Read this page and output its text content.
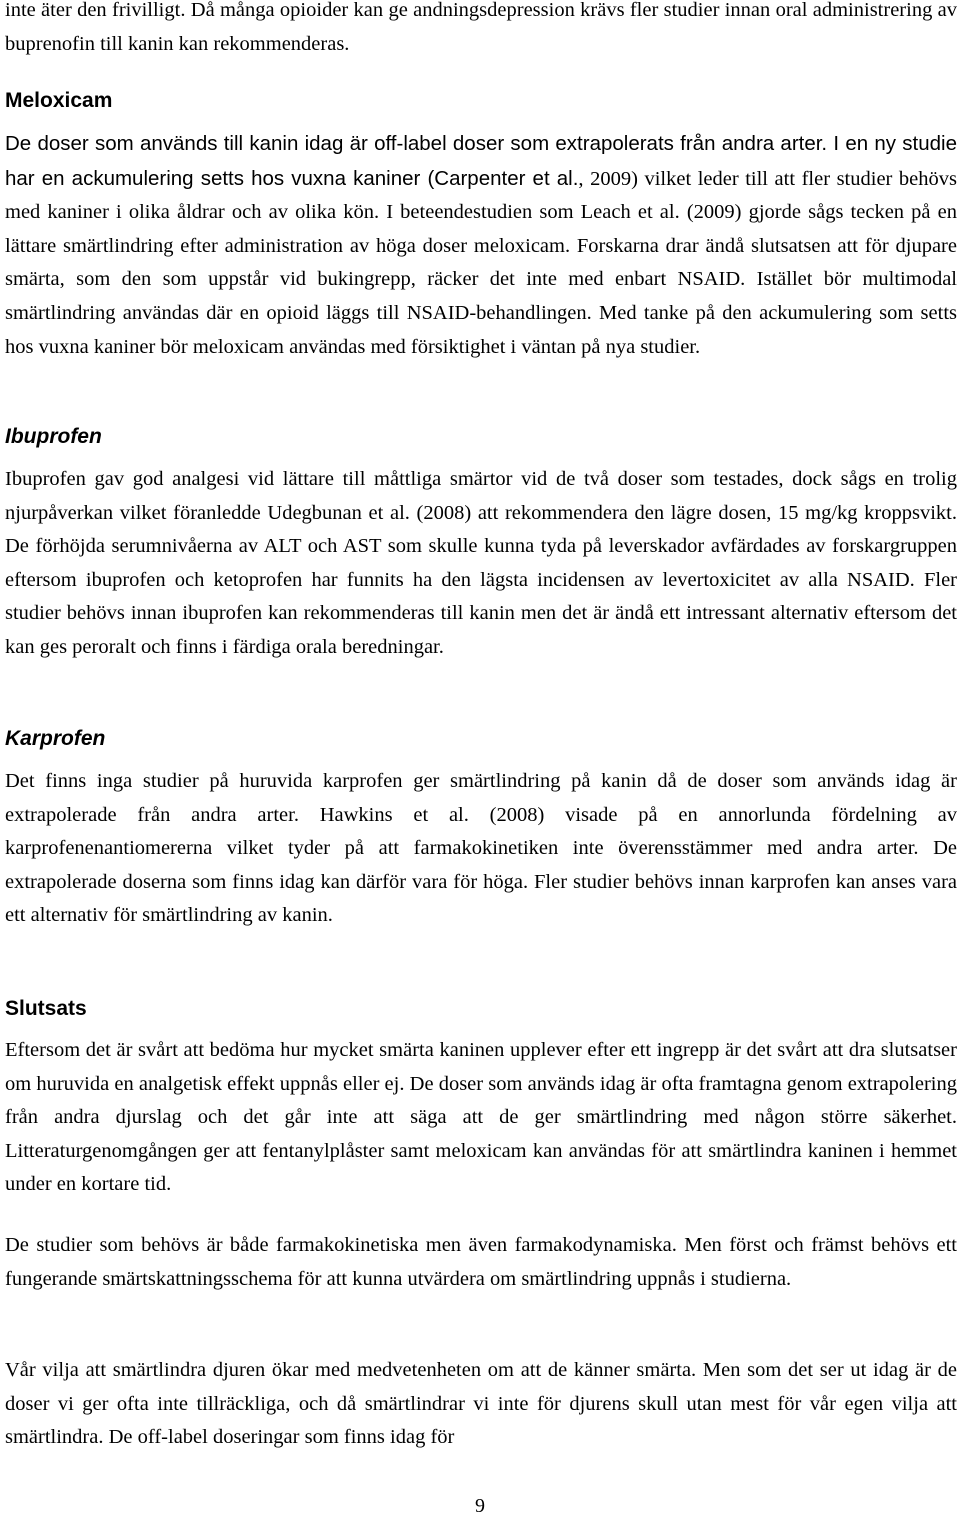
inte äter den frivilligt. Då många opioider kan ge andningsdepression krävs fler studier innan oral administrering av buprenofin till kanin kan rekommenderas.

Meloxicam

De doser som används till kanin idag är off-label doser som extrapolerats från andra arter. I en ny studie har en ackumulering setts hos vuxna kaniner (Carpenter et al., 2009) vilket leder till att fler studier behövs med kaniner i olika åldrar och av olika kön. I beteendestudien som Leach et al. (2009) gjorde sågs tecken på en lättare smärtlindring efter administration av höga doser meloxicam. Forskarna drar ändå slutsatsen att för djupare smärta, som den som uppstår vid bukingrepp, räcker det inte med enbart NSAID. Istället bör multimodal smärtlindring användas där en opioid läggs till NSAID-behandlingen. Med tanke på den ackumulering som setts hos vuxna kaniner bör meloxicam användas med försiktighet i väntan på nya studier.

Ibuprofen

Ibuprofen gav god analgesi vid lättare till måttliga smärtor vid de två doser som testades, dock sågs en trolig njurpåverkan vilket föranledde Udegbunan et al. (2008) att rekommendera den lägre dosen, 15 mg/kg kroppsvikt. De förhöjda serumnivåerna av ALT och AST som skulle kunna tyda på leverskador avfärdades av forskargruppen eftersom ibuprofen och ketoprofen har funnits ha den lägsta incidensen av levertoxicitet av alla NSAID. Fler studier behövs innan ibuprofen kan rekommenderas till kanin men det är ändå ett intressant alternativ eftersom det kan ges peroralt och finns i färdiga orala beredningar.

Karprofen

Det finns inga studier på huruvida karprofen ger smärtlindring på kanin då de doser som används idag är extrapolerade från andra arter. Hawkins et al. (2008) visade på en annorlunda fördelning av karprofenenantiomererna vilket tyder på att farmakokinetiken inte överensstämmer med andra arter. De extrapolerade doserna som finns idag kan därför vara för höga. Fler studier behövs innan karprofen kan anses vara ett alternativ för smärtlindring av kanin.

Slutsats

Eftersom det är svårt att bedöma hur mycket smärta kaninen upplever efter ett ingrepp är det svårt att dra slutsatser om huruvida en analgetisk effekt uppnås eller ej. De doser som används idag är ofta framtagna genom extrapolering från andra djurslag och det går inte att säga att de ger smärtlindring med någon större säkerhet. Litteraturgenomgången ger att fentanylplåster samt meloxicam kan användas för att smärtlindra kaninen i hemmet under en kortare tid.

De studier som behövs är både farmakokinetiska men även farmakodynamiska. Men först och främst behövs ett fungerande smärtskattningsschema för att kunna utvärdera om smärtlindring uppnås i studierna.

Vår vilja att smärtlindra djuren ökar med medvetenheten om att de känner smärta. Men som det ser ut idag är de doser vi ger ofta inte tillräckliga, och då smärtlindrar vi inte för djurens skull utan mest för vår egen vilja att smärtlindra. De off-label doseringar som finns idag för

9
